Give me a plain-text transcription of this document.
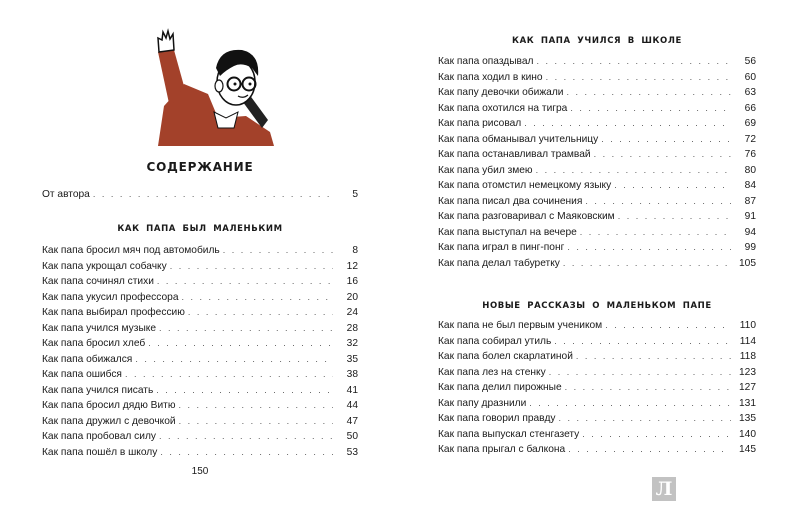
СОДЕРЖАНИЕ
От автора . . .	5
КАК ПАПА БЫЛ МАЛЕНЬКИМ
Как папа бросил мяч под автомобиль . . .	8
Как папа укрощал собачку . . .	12
Как папа сочинял стихи . . .	16
Как папа укусил профессора . . .	20
Как папа выбирал профессию . . .	24
Как папа учился музыке . . .	28
Как папа бросил хлеб . . .	32
Как папа обижался . . .	35
Как папа ошибся . . .	38
Как папа учился писать . . .	41
Как папа бросил дядю Витю . . .	44
Как папа дружил с девочкой . . .	47
Как папа пробовал силу . . .	50
Как папа пошёл в школу . . .	53
150
КАК ПАПА УЧИЛСЯ В ШКОЛЕ
Как папа опаздывал . . .	56
Как папа ходил в кино . . .	60
Как папу девочки обижали . . .	63
Как папа охотился на тигра . . .	66
Как папа рисовал . . .	69
Как папа обманывал учительницу . . .	72
Как папа останавливал трамвай . . .	76
Как папа убил змею . . .	80
Как папа отомстил немецкому языку . . .	84
Как папа писал два сочинения . . .	87
Как папа разговаривал с Маяковским . . .	91
Как папа выступал на вечере . . .	94
Как папа играл в пинг-понг . . .	99
Как папа делал табуретку . . .	105
НОВЫЕ РАССКАЗЫ О МАЛЕНЬКОМ ПАПЕ
Как папа не был первым учеником . . .	110
Как папа собирал утиль . . .	114
Как папа болел скарлатиной . . .	118
Как папа лез на стенку . . .	123
Как папа делил пирожные . . .	127
Как папу дразнили . . .	131
Как папа говорил правду . . .	135
Как папа выпускал стенгазету . . .	140
Как папа прыгал с балкона . . .	145
Л
